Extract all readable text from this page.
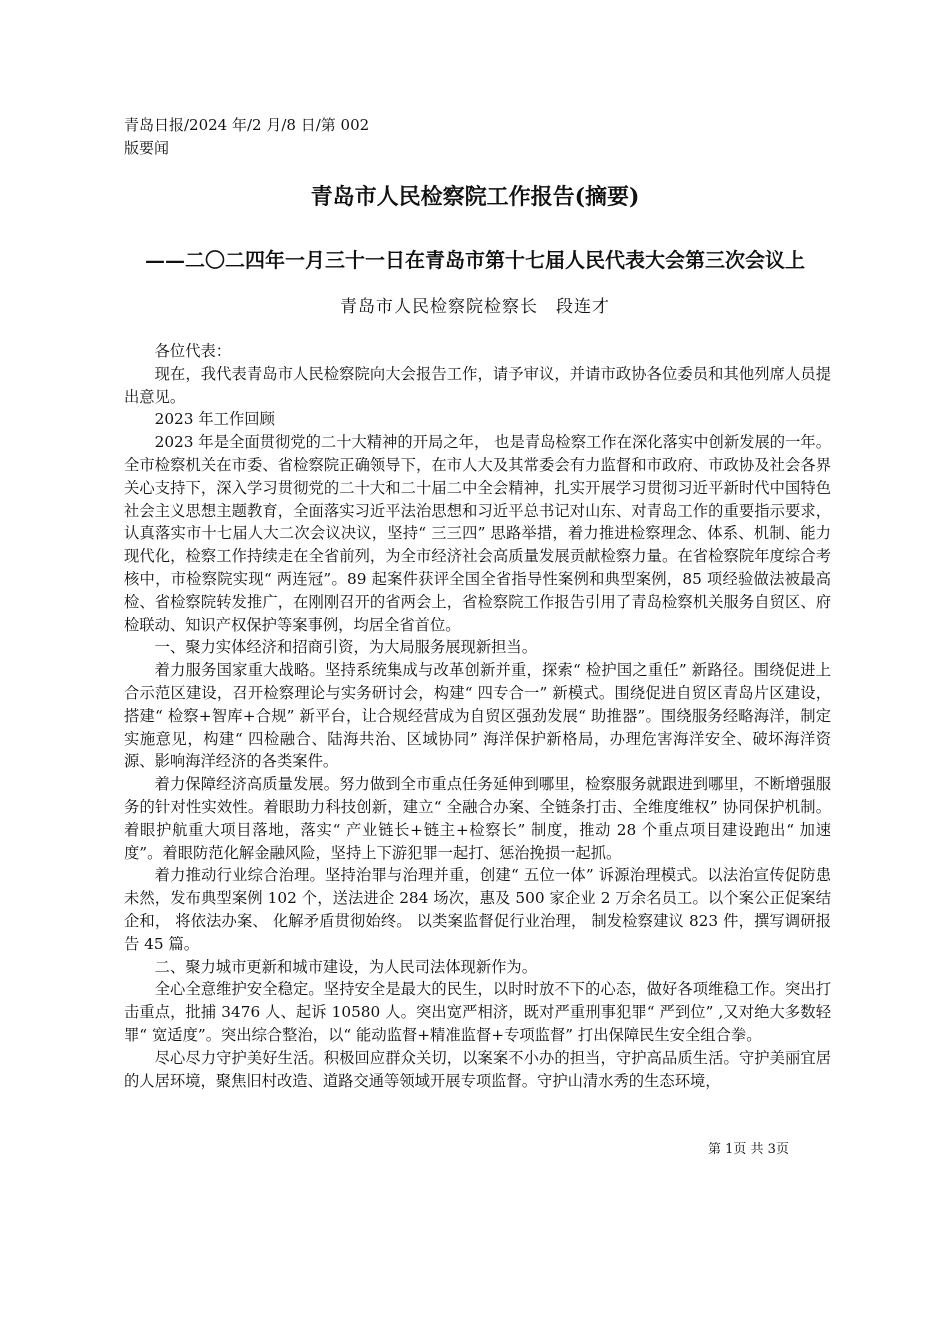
青岛日报/2024 年/2 月/8 日/第 002
版要闻
青岛市人民检察院工作报告(摘要)
——二〇二四年一月三十一日在青岛市第十七届人民代表大会第三次会议上
青岛市人民检察院检察长　段连才

各位代表：

现在，我代表青岛市人民检察院向大会报告工作，请予审议，并请市政协各位委员和其他列席人员提出意见。

2023 年工作回顾

2023 年是全面贯彻党的二十大精神的开局之年， 也是青岛检察工作在深化落实中创新发展的一年。全市检察机关在市委、省检察院正确领导下，在市人大及其常委会有力监督和市政府、市政协及社会各界关心支持下，深入学习贯彻党的二十大和二十届二中全会精神，扎实开展学习贯彻习近平新时代中国特色社会主义思想主题教育，全面落实习近平法治思想和习近平总书记对山东、对青岛工作的重要指示要求，认真落实市十七届人大二次会议决议，坚持“ 三三四” 思路举措，着力推进检察理念、体系、机制、能力现代化，检察工作持续走在全省前列，为全市经济社会高质量发展贡献检察力量。在省检察院年度综合考核中，市检察院实现“ 两连冠”。89 起案件获评全国全省指导性案例和典型案例，85 项经验做法被最高检、省检察院转发推广，在刚刚召开的省两会上，省检察院工作报告引用了青岛检察机关服务自贸区、府检联动、知识产权保护等案事例，均居全省首位。

一、聚力实体经济和招商引资，为大局服务展现新担当。

着力服务国家重大战略。坚持系统集成与改革创新并重，探索“ 检护国之重任” 新路径。围绕促进上合示范区建设，召开检察理论与实务研讨会，构建“ 四专合一” 新模式。围绕促进自贸区青岛片区建设，搭建“ 检察+智库+合规” 新平台，让合规经营成为自贸区强劲发展“ 助推器”。围绕服务经略海洋，制定实施意见，构建“ 四检融合、陆海共治、区域协同” 海洋保护新格局，办理危害海洋安全、破坏海洋资源、影响海洋经济的各类案件。

着力保障经济高质量发展。努力做到全市重点任务延伸到哪里，检察服务就跟进到哪里，不断增强服务的针对性实效性。着眼助力科技创新，建立“ 全融合办案、全链条打击、全维度维权” 协同保护机制。着眼护航重大项目落地，落实“ 产业链长+链主+检察长” 制度，推动 28 个重点项目建设跑出“ 加速度”。着眼防范化解金融风险，坚持上下游犯罪一起打、惩治挽损一起抓。

着力推动行业综合治理。坚持治罪与治理并重，创建“ 五位一体” 诉源治理模式。以法治宣传促防患未然，发布典型案例 102 个，送法进企 284 场次，惠及 500 家企业 2 万余名员工。以个案公正促案结企和， 将依法办案、 化解矛盾贯彻始终。 以类案监督促行业治理， 制发检察建议 823 件，撰写调研报告 45 篇。

二、聚力城市更新和城市建设，为人民司法体现新作为。

全心全意维护安全稳定。坚持安全是最大的民生，以时时放不下的心态，做好各项维稳工作。突出打击重点，批捕 3476 人、起诉 10580 人。突出宽严相济，既对严重刑事犯罪“ 严到位” ,又对绝大多数轻罪“ 宽适度”。突出综合整治，以“ 能动监督+精准监督+专项监督” 打出保障民生安全组合拳。

尽心尽力守护美好生活。积极回应群众关切，以案案不小办的担当，守护高品质生活。守护美丽宜居的人居环境，聚焦旧村改造、道路交通等领域开展专项监督。守护山清水秀的生态环境，

第 1页 共 3页
